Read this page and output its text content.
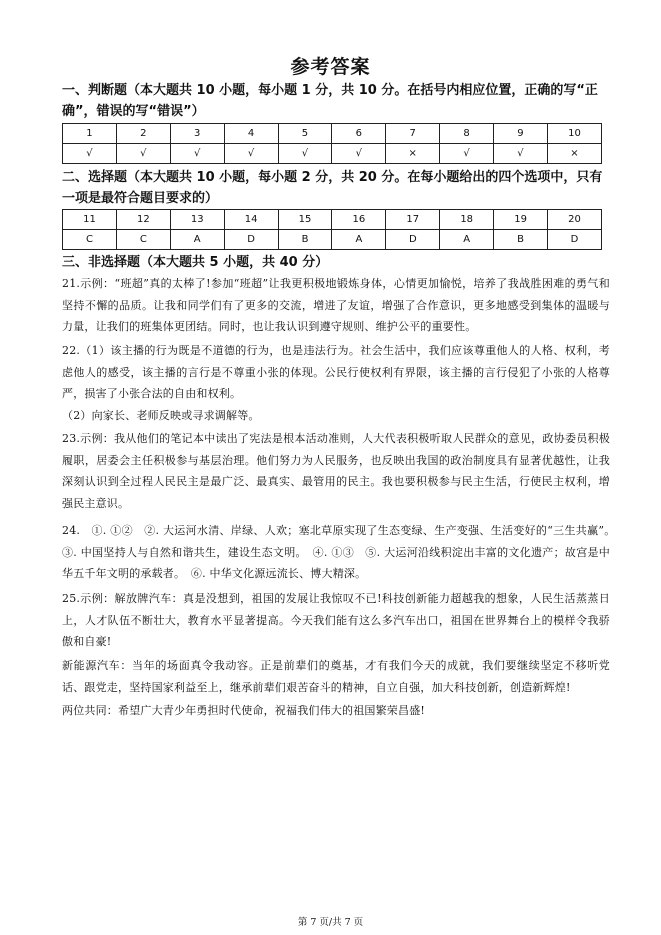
参考答案
一、判断题（本大题共 10 小题，每小题 1 分，共 10 分。在括号内相应位置，正确的写“正确”，错误的写“错误”）
1	2	3	4	5	6	7	8	9	10
√	√	√	√	√	√	×	√	√	×
二、选择题（本大题共 10 小题，每小题 2 分，共 20 分。在每小题给出的四个选项中，只有一项是最符合题目要求的）
11	12	13	14	15	16	17	18	19	20
C	C	A	D	B	A	D	A	B	D
三、非选择题（本大题共 5 小题，共 40 分）
21.示例：“班超”真的太棒了!参加“班超”让我更积极地锻炼身体，心情更加愉悦，培养了我战胜困难的勇气和坚持不懈的品质。让我和同学们有了更多的交流，增进了友谊，增强了合作意识，更多地感受到集体的温暖与力量，让我们的班集体更团结。同时，也让我认识到遵守规则、维护公平的重要性。
22.（1）该主播的行为既是不道德的行为，也是违法行为。社会生活中，我们应该尊重他人的人格、权利，考虑他人的感受，该主播的言行是不尊重小张的体现。公民行使权利有界限，该主播的言行侵犯了小张的人格尊严，损害了小张合法的自由和权利。
（2）向家长、老师反映或寻求调解等。
23.示例：我从他们的笔记本中读出了宪法是根本活动准则，人大代表积极听取人民群众的意见，政协委员积极履职，居委会主任积极参与基层治理。他们努力为人民服务，也反映出我国的政治制度具有显著优越性，让我深刻认识到全过程人民民主是最广泛、最真实、最管用的民主。我也要积极参与民主生活，行使民主权利，增强民主意识。
24.　①. ①②　②. 大运河水清、岸绿、人欢；塞北草原实现了生态变绿、生产变强、生活变好的“三生共赢”。　③. 中国坚持人与自然和谐共生，建设生态文明。　④. ①③　⑤. 大运河沿线积淀出丰富的文化遗产；故宫是中华五千年文明的承载者。　⑥. 中华文化源远流长、博大精深。
25.示例：解放牌汽车：真是没想到，祖国的发展让我惊叹不已!科技创新能力超越我的想象，人民生活蒸蒸日上，人才队伍不断壮大，教育水平显著提高。今天我们能有这么多汽车出口，祖国在世界舞台上的模样令我骄傲和自豪!
新能源汽车：当年的场面真令我动容。正是前辈们的奠基，才有我们今天的成就，我们要继续坚定不移听党话、跟党走，坚持国家利益至上，继承前辈们艰苦奋斗的精神，自立自强，加大科技创新，创造新辉煌!
两位共同：希望广大青少年勇担时代使命，祝福我们伟大的祖国繁荣昌盛!
第 7 页/共 7 页
